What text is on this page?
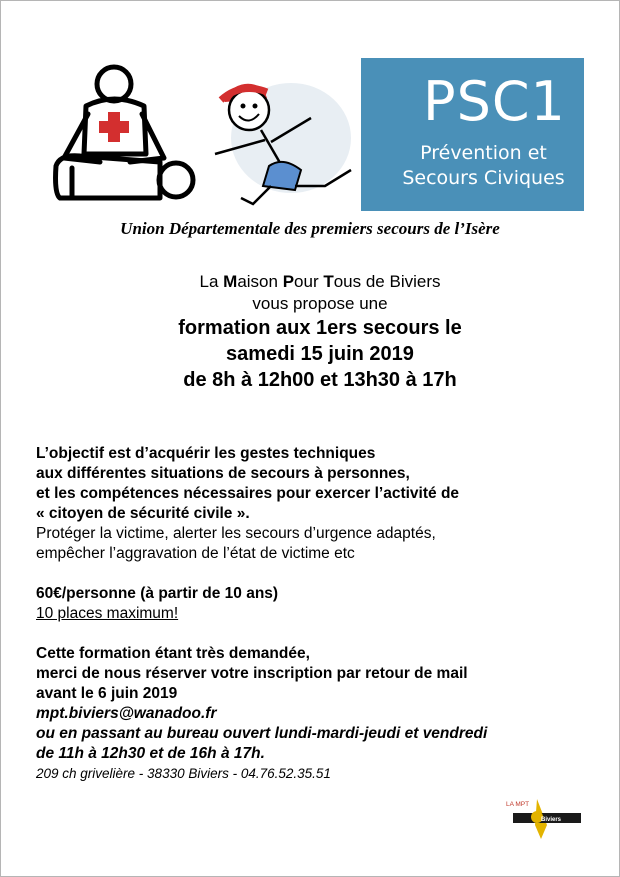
PSC1
Prévention et
Secours Civiques
Union Départementale des premiers secours de l’Isère
La Maison Pour Tous de Biviers
vous propose une
formation aux 1ers secours le
samedi 15 juin 2019
de 8h à 12h00 et 13h30 à 17h
L’objectif est d’acquérir les gestes techniques
aux différentes situations de secours à personnes,
et les compétences nécessaires pour exercer l’activité de
« citoyen de sécurité civile ».
Protéger la victime, alerter les secours d’urgence adaptés,
empêcher l’aggravation de l’état de victime etc
60€/personne (à partir de 10 ans)
10 places maximum!
Cette formation étant très demandée,
merci de nous réserver votre inscription par retour de mail
avant le 6 juin 2019
mpt.biviers@wanadoo.fr
ou en passant au bureau ouvert lundi-mardi-jeudi et vendredi
de 11h à 12h30 et de 16h à 17h.
209 ch grivelière - 38330 Biviers - 04.76.52.35.51
LA MPT
Biviers
